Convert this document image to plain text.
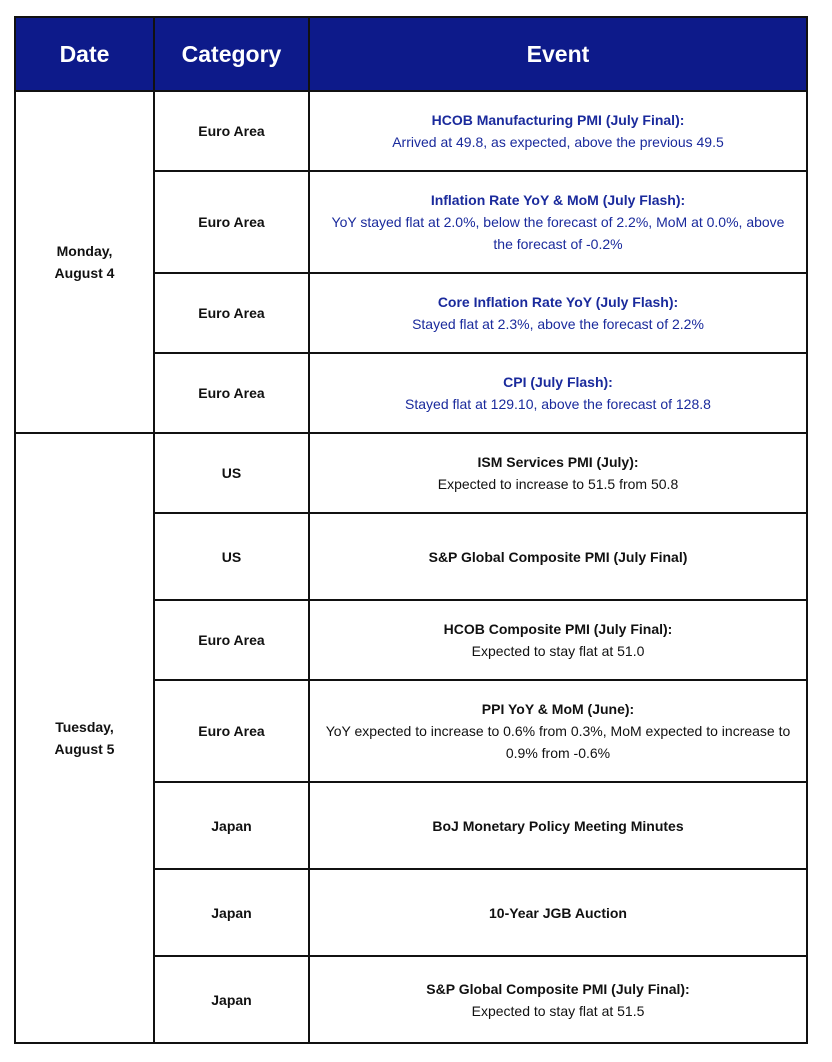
Date	Category	Event
Monday,
August 4	Euro Area	HCOB Manufacturing PMI (July Final):
Arrived at 49.8, as expected, above the previous 49.5

	Euro Area	Inflation Rate YoY & MoM (July Flash):
YoY stayed flat at 2.0%, below the forecast of 2.2%, MoM at 0.0%, above the forecast of -0.2%

	Euro Area	Core Inflation Rate YoY (July Flash):
Stayed flat at 2.3%, above the forecast of 2.2%

	Euro Area	CPI (July Flash):
Stayed flat at 129.10, above the forecast of 128.8

Tuesday,
August 5	US	ISM Services PMI (July):
Expected to increase to 51.5 from 50.8

	US	S&P Global Composite PMI (July Final)

	Euro Area	HCOB Composite PMI (July Final):
Expected to stay flat at 51.0

	Euro Area	PPI YoY & MoM (June):
YoY expected to increase to 0.6% from 0.3%, MoM expected to increase to 0.9% from -0.6%

	Japan	BoJ Monetary Policy Meeting Minutes

	Japan	10-Year JGB Auction

	Japan	S&P Global Composite PMI (July Final):
Expected to stay flat at 51.5
